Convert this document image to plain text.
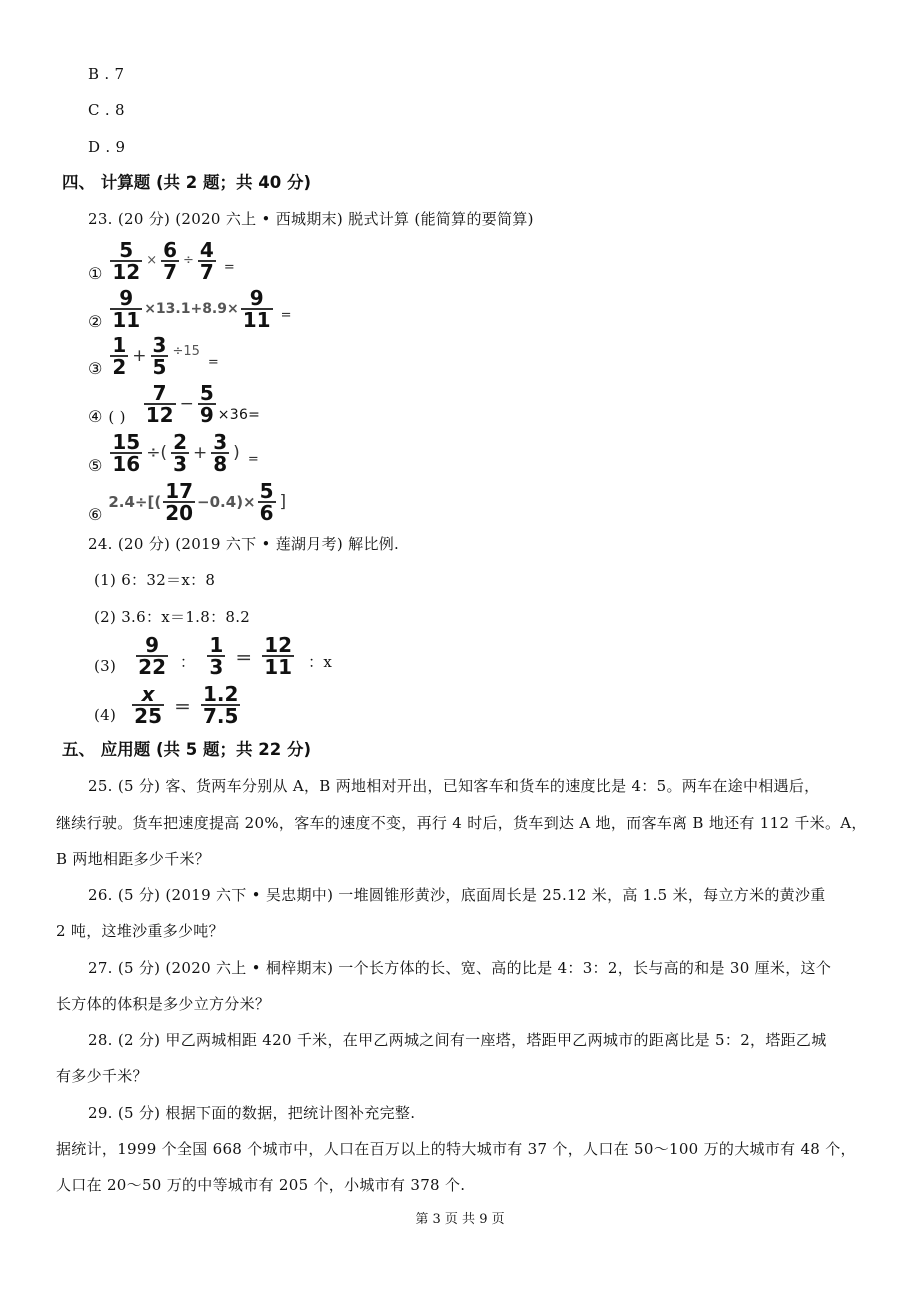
B . 7
C . 8
D . 9
四、 计算题 (共 2 题；共 40 分)
23. (20 分) (2020 六上 • 西城期末) 脱式计算 (能简算的要简算)
① $\frac{5}{12} \times \frac{6}{7} \div \frac{4}{7}$ =
② $\frac{9}{11} \times 13.1+8.9\times \frac{9}{11}$ =
③ $\frac{1}{2} + \frac{3}{5} \div 15$
=
④ ( ) $\frac{7}{12} - \frac{5}{9} \times 36=$
⑤ $\frac{15}{16}$ ÷( $\frac{2}{3} + \frac{3}{8}$ ) =
⑥
$2.4\div[( \frac{17}{20} -0.4)\times \frac{5}{6}$ ]
24. (20 分) (2019 六下 • 莲湖月考) 解比例.
(1) 6：32＝x：8
(2) 3.6：x＝1.8：8.2
$(3) \frac{9}{22}$ ： $\frac{1}{3} = \frac{12}{11}$ ：x
$(4) \frac{x}{25} = \frac{1.2}{7.5}$
五、 应用题 (共 5 题；共 22 分)
25. (5 分) 客、货两车分别从 A，B 两地相对开出，已知客车和货车的速度比是 4：5。两车在途中相遇后，
继续行驶。货车把速度提高 20%，客车的速度不变，再行 4 时后，货车到达 A 地，而客车离 B 地还有 112 千米。A，
B 两地相距多少千米？
26. (5 分) (2019 六下 • 吴忠期中) 一堆圆锥形黄沙，底面周长是 25.12 米，高 1.5 米，每立方米的黄沙重
2 吨，这堆沙重多少吨？
27. (5 分) (2020 六上 • 桐梓期末) 一个长方体的长、宽、高的比是 4：3：2，长与高的和是 30 厘米，这个
长方体的体积是多少立方分米？
28. (2 分) 甲乙两城相距 420 千米，在甲乙两城之间有一座塔，塔距甲乙两城市的距离比是 5：2，塔距乙城
有多少千米？
29. (5 分) 根据下面的数据，把统计图补充完整.
据统计，1999 个全国 668 个城市中，人口在百万以上的特大城市有 37 个，人口在 50～100 万的大城市有 48 个，
人口在 20～50 万的中等城市有 205 个，小城市有 378 个.
第 3 页 共 9 页
